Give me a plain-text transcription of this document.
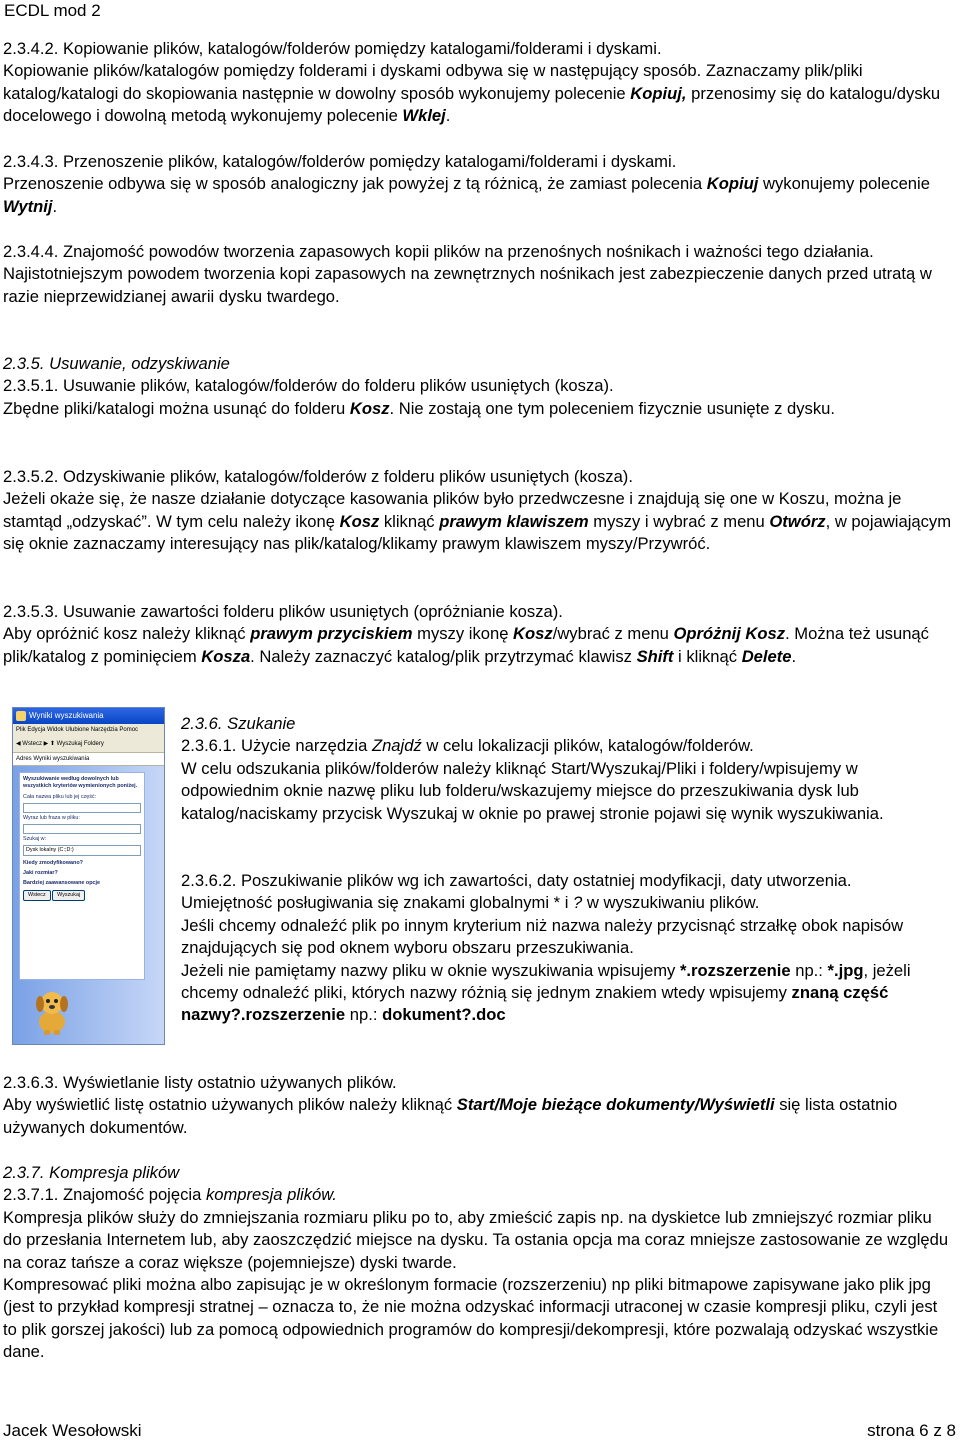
ECDL mod 2

2.3.4.2. Kopiowanie plików, katalogów/folderów pomiędzy katalogami/folderami i dyskami.

Kopiowanie plików/katalogów pomiędzy folderami i dyskami odbywa się w następujący sposób. Zaznaczamy plik/pliki katalog/katalogi do skopiowania następnie w dowolny sposób wykonujemy polecenie Kopiuj, przenosimy się do katalogu/dysku docelowego i dowolną metodą wykonujemy polecenie Wklej.

2.3.4.3. Przenoszenie plików, katalogów/folderów pomiędzy katalogami/folderami i dyskami.

Przenoszenie odbywa się w sposób analogiczny jak powyżej z tą różnicą, że zamiast polecenia Kopiuj wykonujemy polecenie Wytnij.

2.3.4.4. Znajomość powodów tworzenia zapasowych kopii plików na przenośnych nośnikach i ważności tego działania.

Najistotniejszym powodem tworzenia kopi zapasowych na zewnętrznych nośnikach jest zabezpieczenie danych przed utratą w razie nieprzewidzianej awarii dysku twardego.

2.3.5. Usuwanie, odzyskiwanie

2.3.5.1. Usuwanie plików, katalogów/folderów do folderu plików usuniętych (kosza).

Zbędne pliki/katalogi można usunąć do folderu Kosz. Nie zostają one tym poleceniem fizycznie usunięte z dysku.

2.3.5.2. Odzyskiwanie plików, katalogów/folderów z folderu plików usuniętych (kosza).

Jeżeli okaże się, że nasze działanie dotyczące kasowania plików było przedwczesne i znajdują się one w Koszu, można je stamtąd „odzyskać”. W tym celu należy ikonę Kosz kliknąć prawym klawiszem myszy i wybrać z menu Otwórz, w pojawiającym się oknie zaznaczamy interesujący nas plik/katalog/klikamy prawym klawiszem myszy/Przywróć.

2.3.5.3. Usuwanie zawartości folderu plików usuniętych (opróżnianie kosza).

Aby opróżnić kosz należy kliknąć prawym przyciskiem myszy ikonę Kosz/wybrać z menu Opróżnij Kosz. Można też usunąć plik/katalog z pominięciem Kosza. Należy zaznaczyć katalog/plik przytrzymać klawisz Shift i kliknąć Delete.

Wyniki wyszukiwania
Plik Edycja Widok Ulubione Narzędzia Pomoc
◀ Wstecz ▶ ⬆ Wyszukaj Foldery
Adres Wyniki wyszukiwania
Wyszukiwanie według dowolnych lub wszystkich kryteriów wymienionych poniżej.
Cała nazwa pliku lub jej część:
Wyraz lub fraza w pliku:
Szukaj w:
Dysk lokalny (C:;D:)
Kiedy zmodyfikowano?
Jaki rozmiar?
Bardziej zaawansowane opcje
Wstecz Wyszukaj

2.3.6. Szukanie

2.3.6.1. Użycie narzędzia Znajdź w celu lokalizacji plików, katalogów/folderów.

W celu odszukania plików/folderów należy kliknąć Start/Wyszukaj/Pliki i foldery/wpisujemy w odpowiednim oknie nazwę pliku lub folderu/wskazujemy miejsce do przeszukiwania dysk lub katalog/naciskamy przycisk Wyszukaj w oknie po prawej stronie pojawi się wynik wyszukiwania.

2.3.6.2. Poszukiwanie plików wg ich zawartości, daty ostatniej modyfikacji, daty utworzenia. Umiejętność posługiwania się znakami globalnymi * i ? w wyszukiwaniu plików.

Jeśli chcemy odnaleźć plik po innym kryterium niż nazwa należy przycisnąć strzałkę obok napisów znajdujących się pod oknem wyboru obszaru przeszukiwania.

Jeżeli nie pamiętamy nazwy pliku w oknie wyszukiwania wpisujemy *.rozszerzenie np.: *.jpg, jeżeli chcemy odnaleźć pliki, których nazwy różnią się jednym znakiem wtedy wpisujemy znaną część nazwy?.rozszerzenie np.: dokument?.doc

2.3.6.3. Wyświetlanie listy ostatnio używanych plików.

Aby wyświetlić listę ostatnio używanych plików należy kliknąć Start/Moje bieżące dokumenty/Wyświetli się lista ostatnio używanych dokumentów.

2.3.7. Kompresja plików

2.3.7.1. Znajomość pojęcia kompresja plików.

Kompresja plików służy do zmniejszania rozmiaru pliku po to, aby zmieścić zapis np. na dyskietce lub zmniejszyć rozmiar pliku do przesłania Internetem lub, aby zaoszczędzić miejsce na dysku. Ta ostania opcja ma coraz mniejsze zastosowanie ze względu na coraz tańsze a coraz większe (pojemniejsze) dyski twarde.

Kompresować pliki można albo zapisując je w określonym formacie (rozszerzeniu) np pliki bitmapowe zapisywane jako plik jpg (jest to przykład kompresji stratnej – oznacza to, że nie można odzyskać informacji utraconej w czasie kompresji pliku, czyli jest to plik gorszej jakości) lub za pomocą odpowiednich programów do kompresji/dekompresji, które pozwalają odzyskać wszystkie dane.

Jacek Wesołowski	strona 6 z 8
